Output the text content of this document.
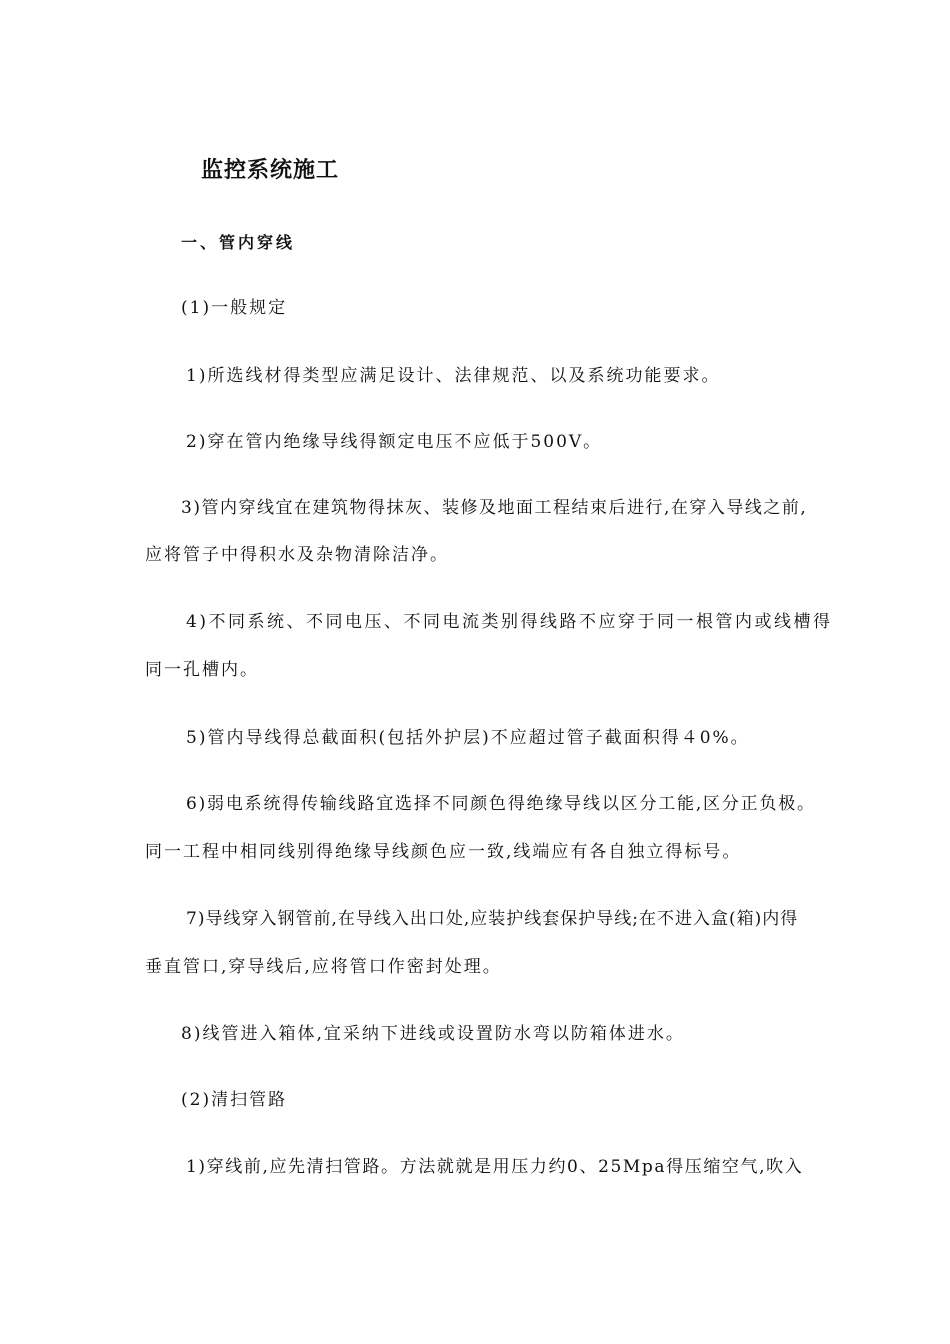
监控系统施工
一、管内穿线
(1)一般规定
1)所选线材得类型应满足设计、法律规范、以及系统功能要求。
2)穿在管内绝缘导线得额定电压不应低于500V。
3)管内穿线宜在建筑物得抹灰、装修及地面工程结束后进行,在穿入导线之前,
应将管子中得积水及杂物清除洁净。
4)不同系统、不同电压、不同电流类别得线路不应穿于同一根管内或线槽得
同一孔槽内。
5)管内导线得总截面积(包括外护层)不应超过管子截面积得４0%。
6)弱电系统得传输线路宜选择不同颜色得绝缘导线以区分工能,区分正负极。
同一工程中相同线别得绝缘导线颜色应一致,线端应有各自独立得标号。
7)导线穿入钢管前,在导线入出口处,应装护线套保护导线;在不进入盒(箱)内得
垂直管口,穿导线后,应将管口作密封处理。
8)线管进入箱体,宜采纳下进线或设置防水弯以防箱体进水。
(2)清扫管路
1)穿线前,应先清扫管路。方法就就是用压力约0、25Mpa得压缩空气,吹入
